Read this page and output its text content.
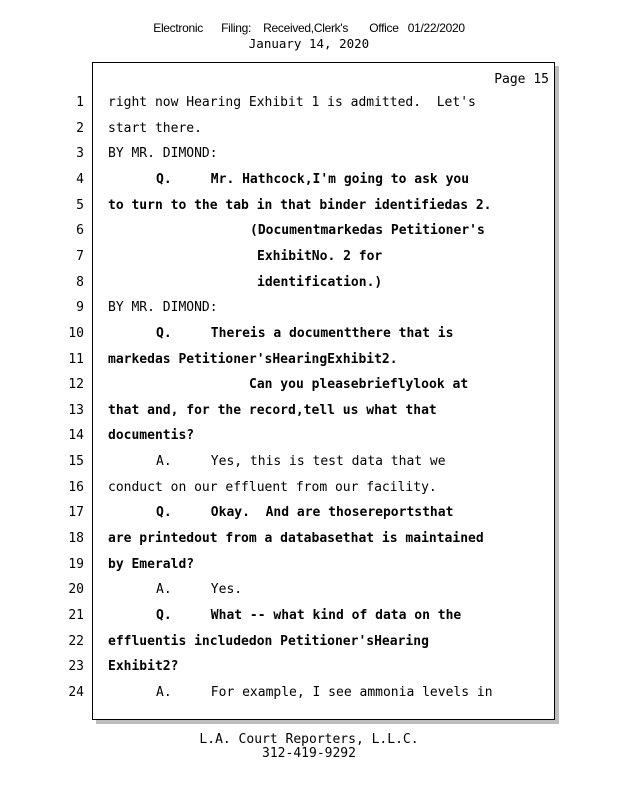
Electronic      Filing:    Received,Clerk's       Office   01/22/2020
January 14, 2020
Page 15
1 right now Hearing Exhibit 1 is admitted.  Let's
2 start there.
3 BY MR. DIMOND:
4	Q.     Mr. Hathcock,I'm going to ask you
5 to turn to the tab in that binder identifiedas 2.
6	(Documentmarkedas Petitioner's
7	ExhibitNo. 2 for
8	identification.)
9 BY MR. DIMOND:
10	Q.     Thereis a documentthere that is
11 markedas Petitioner'sHearingExhibit2.
12	Can you pleasebrieflylook at
13 that and, for the record,tell us what that
14 documentis?
15	A.     Yes, this is test data that we
16 conduct on our effluent from our facility.
17	Q.     Okay.  And are thosereportsthat
18 are printedout from a databasethat is maintained
19 by Emerald?
20	A.     Yes.
21	Q.     What -- what kind of data on the
22 effluentis includedon Petitioner'sHearing
23 Exhibit2?
24	A.     For example, I see ammonia levels in
L.A. Court Reporters, L.L.C.
312-419-9292
